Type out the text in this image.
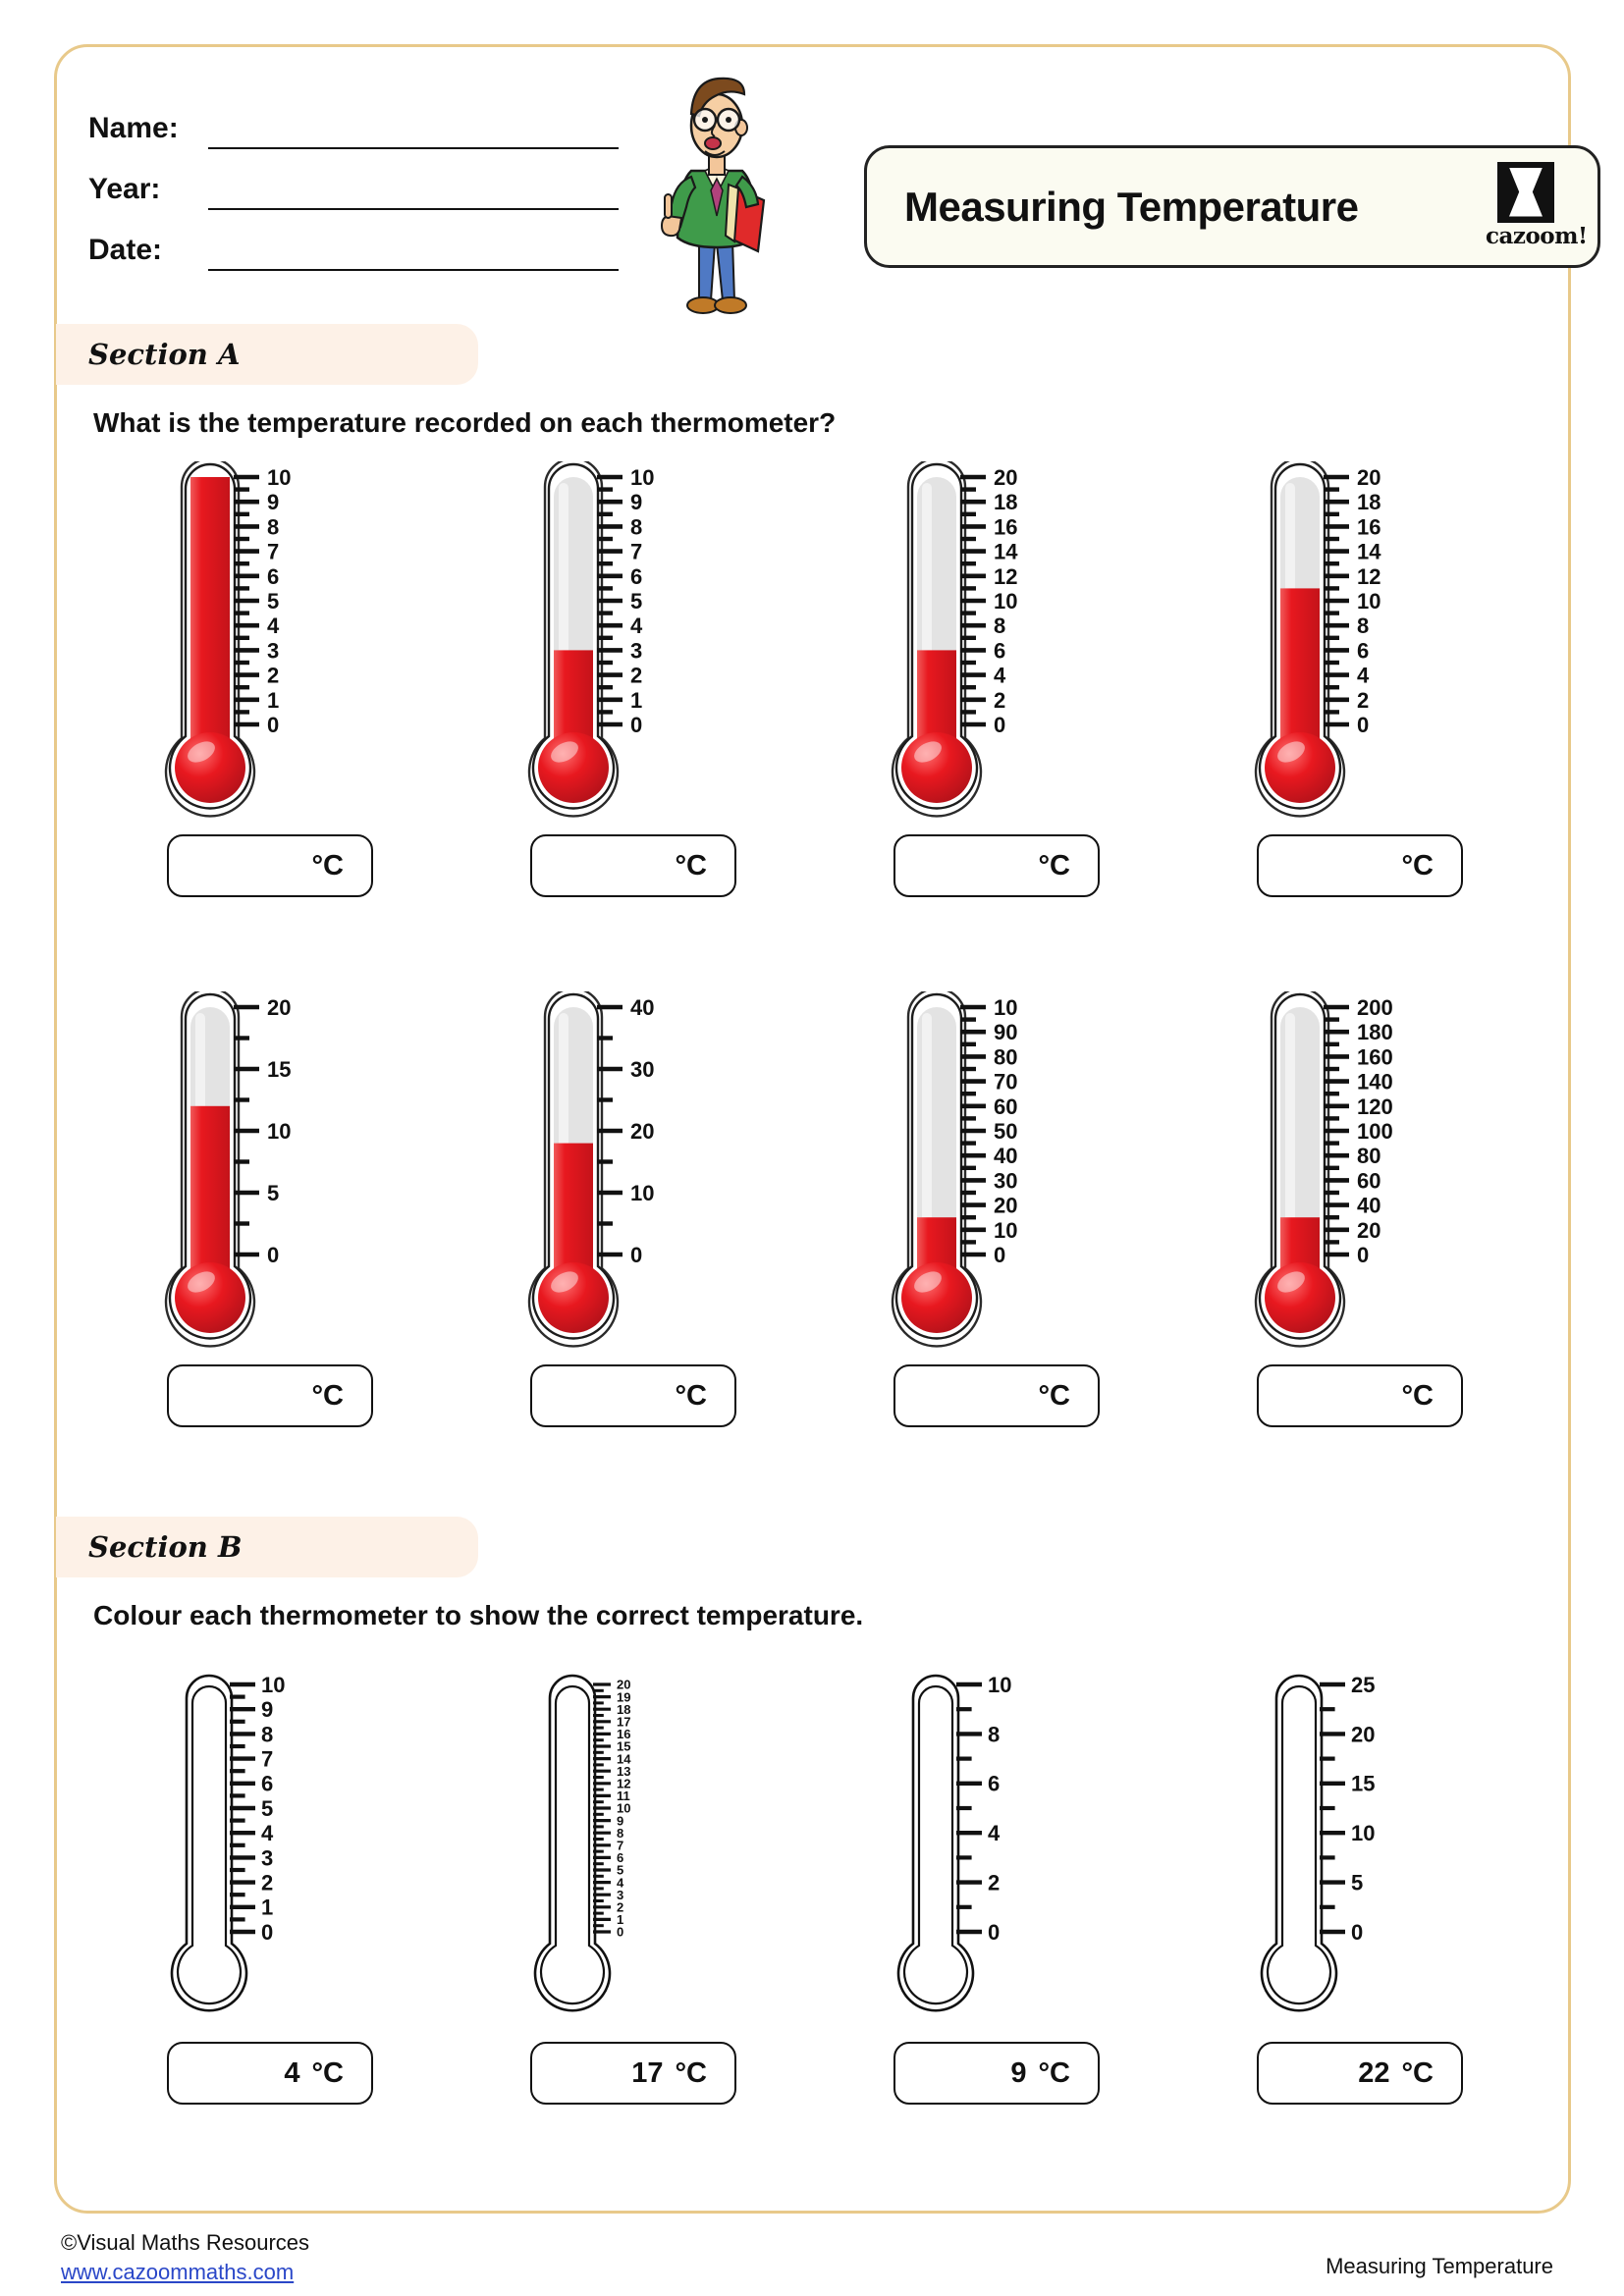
Name:
Year:
Date:
Measuring Temperature
cazoom!
Section A
What is the temperature recorded on each thermometer?
0
1
2
3
4
5
6
7
8
9
10
°C
0
1
2
3
4
5
6
7
8
9
10
°C
0
2
4
6
8
10
12
14
16
18
20
°C
0
2
4
6
8
10
12
14
16
18
20
°C
0
5
10
15
20
°C
0
10
20
30
40
°C
0
10
20
30
40
50
60
70
80
90
10
°C
0
20
40
60
80
100
120
140
160
180
200
°C
Section B
Colour each thermometer to show the correct temperature.
0
1
2
3
4
5
6
7
8
9
10
4 °C
0
1
2
3
4
5
6
7
8
9
10
11
12
13
14
15
16
17
18
19
20
17 °C
0
2
4
6
8
10
9 °C
0
5
10
15
20
25
22 °C
©Visual Maths Resources
www.cazoommaths.com	Measuring Temperature
